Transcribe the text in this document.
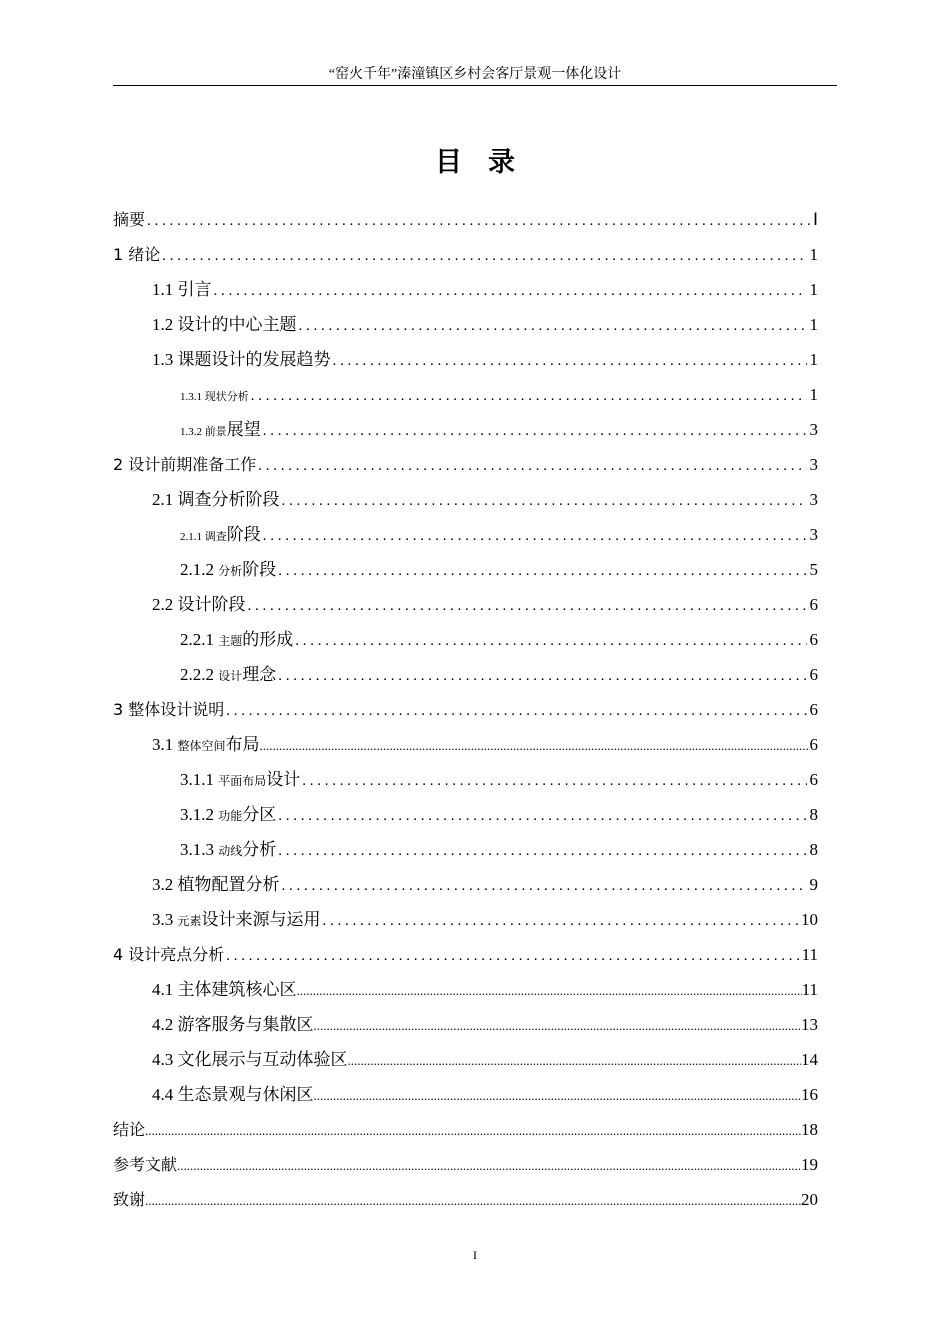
“窑火千年”溱潼镇区乡村会客厅景观一体化设计
目录
摘要 . . .	Ⅰ
1 绪论 . . .	1
1.1 引言 . . .	1
1.2 设计的中心主题 . . .	1
1.3 课题设计的发展趋势 . . .	1
1.3.1 现状分析 . . .	1
1.3.2 前景 展望 . . .	3
2 设计前期准备工作 . . .	3
2.1 调查分析阶段 . . .	3
2.1.1 调查 阶段 . . .	3
2.1.2 分析 阶段 . . .	5
2.2 设计阶段 . . .	6
2.2.1 主题 的形成 . . .	6
2.2.2 设计 理念 . . .	6
3 整体设计说明 . . .	6
3.1 整体空间 布局 .....	6
3.1.1 平面布局 设计 . . .	6
3.1.2 功能 分区 . . .	8
3.1.3 动线 分析 . . .	8
3.2 植物配置分析 . . .	9
3.3 元素 设计来源与运用 . . .	10
4 设计亮点分析 . . .	11
4.1 主体建筑核心区 .....	11
4.2 游客服务与集散区 .....	13
4.3 文化展示与互动体验区 .....	14
4.4 生态景观与休闲区 .....	16
结论 .....	18
参考文献 .....	19
致谢 .....	20
I
